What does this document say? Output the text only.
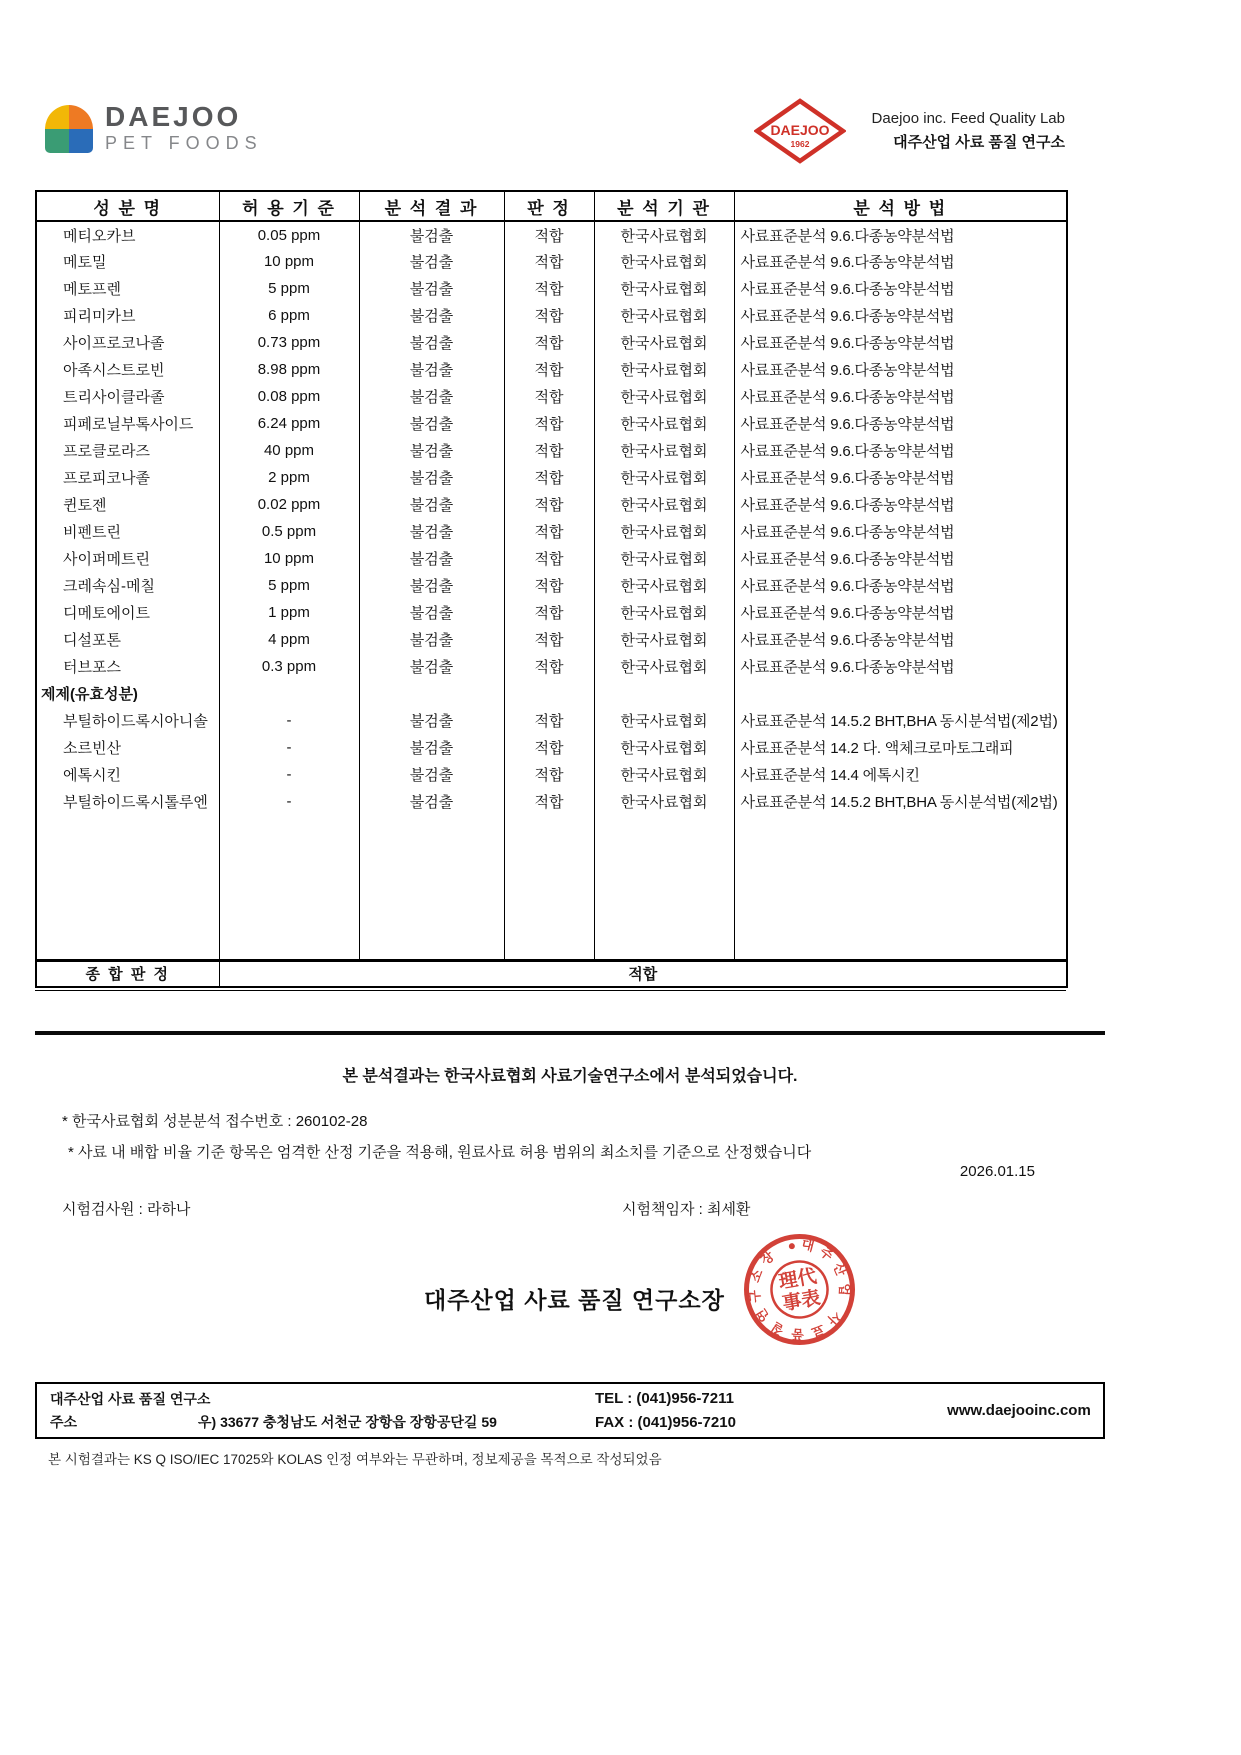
DAEJOO
PET FOODS
DAEJOO
1962
Daejoo inc. Feed Quality Lab
대주산업 사료 품질 연구소
성 분 명	허 용 기 준	분 석 결 과	판 정	분 석 기 관	분 석 방 법
메티오카브	0.05 ppm	불검출	적합	한국사료협회	사료표준분석 9.6.다종농약분석법
메토밀	10 ppm	불검출	적합	한국사료협회	사료표준분석 9.6.다종농약분석법
메토프렌	5 ppm	불검출	적합	한국사료협회	사료표준분석 9.6.다종농약분석법
피리미카브	6 ppm	불검출	적합	한국사료협회	사료표준분석 9.6.다종농약분석법
사이프로코나졸	0.73 ppm	불검출	적합	한국사료협회	사료표준분석 9.6.다종농약분석법
아족시스트로빈	8.98 ppm	불검출	적합	한국사료협회	사료표준분석 9.6.다종농약분석법
트리사이클라졸	0.08 ppm	불검출	적합	한국사료협회	사료표준분석 9.6.다종농약분석법
피페로닐부톡사이드	6.24 ppm	불검출	적합	한국사료협회	사료표준분석 9.6.다종농약분석법
프로클로라즈	40 ppm	불검출	적합	한국사료협회	사료표준분석 9.6.다종농약분석법
프로피코나졸	2 ppm	불검출	적합	한국사료협회	사료표준분석 9.6.다종농약분석법
퀸토젠	0.02 ppm	불검출	적합	한국사료협회	사료표준분석 9.6.다종농약분석법
비펜트린	0.5 ppm	불검출	적합	한국사료협회	사료표준분석 9.6.다종농약분석법
사이퍼메트린	10 ppm	불검출	적합	한국사료협회	사료표준분석 9.6.다종농약분석법
크레속심-메칠	5 ppm	불검출	적합	한국사료협회	사료표준분석 9.6.다종농약분석법
디메토에이트	1 ppm	불검출	적합	한국사료협회	사료표준분석 9.6.다종농약분석법
디설포톤	4 ppm	불검출	적합	한국사료협회	사료표준분석 9.6.다종농약분석법
터브포스	0.3 ppm	불검출	적합	한국사료협회	사료표준분석 9.6.다종농약분석법
제제(유효성분)					
부틸하이드록시아니솔	-	불검출	적합	한국사료협회	사료표준분석 14.5.2 BHT,BHA 동시분석법(제2법)
소르빈산	-	불검출	적합	한국사료협회	사료표준분석 14.2 다. 액체크로마토그래피
에톡시킨	-	불검출	적합	한국사료협회	사료표준분석 14.4 에톡시킨
부틸하이드록시톨루엔	-	불검출	적합	한국사료협회	사료표준분석 14.5.2 BHT,BHA 동시분석법(제2법)

종 합 판 정	적합				
본 분석결과는 한국사료협회 사료기술연구소에서 분석되었습니다.
* 한국사료협회 성분분석 접수번호 : 260102-28
* 사료 내 배합 비율 기준 항목은 엄격한 산정 기준을 적용해, 원료사료 허용 범위의 최소치를 기준으로 산정했습니다
2026.01.15
시험검사원 : 라하나	시험책임자 : 최세환
대주산업 사료 품질 연구소장
理代
事表
대주산업 사료품질연구소장
대주산업 사료 품질 연구소
주소	우) 33677 충청남도 서천군 장항읍 장항공단길 59
TEL : (041)956-7211
FAX : (041)956-7210
www.daejooinc.com
본 시험결과는 KS Q ISO/IEC 17025와 KOLAS 인정 여부와는 무관하며, 정보제공을 목적으로 작성되었음
